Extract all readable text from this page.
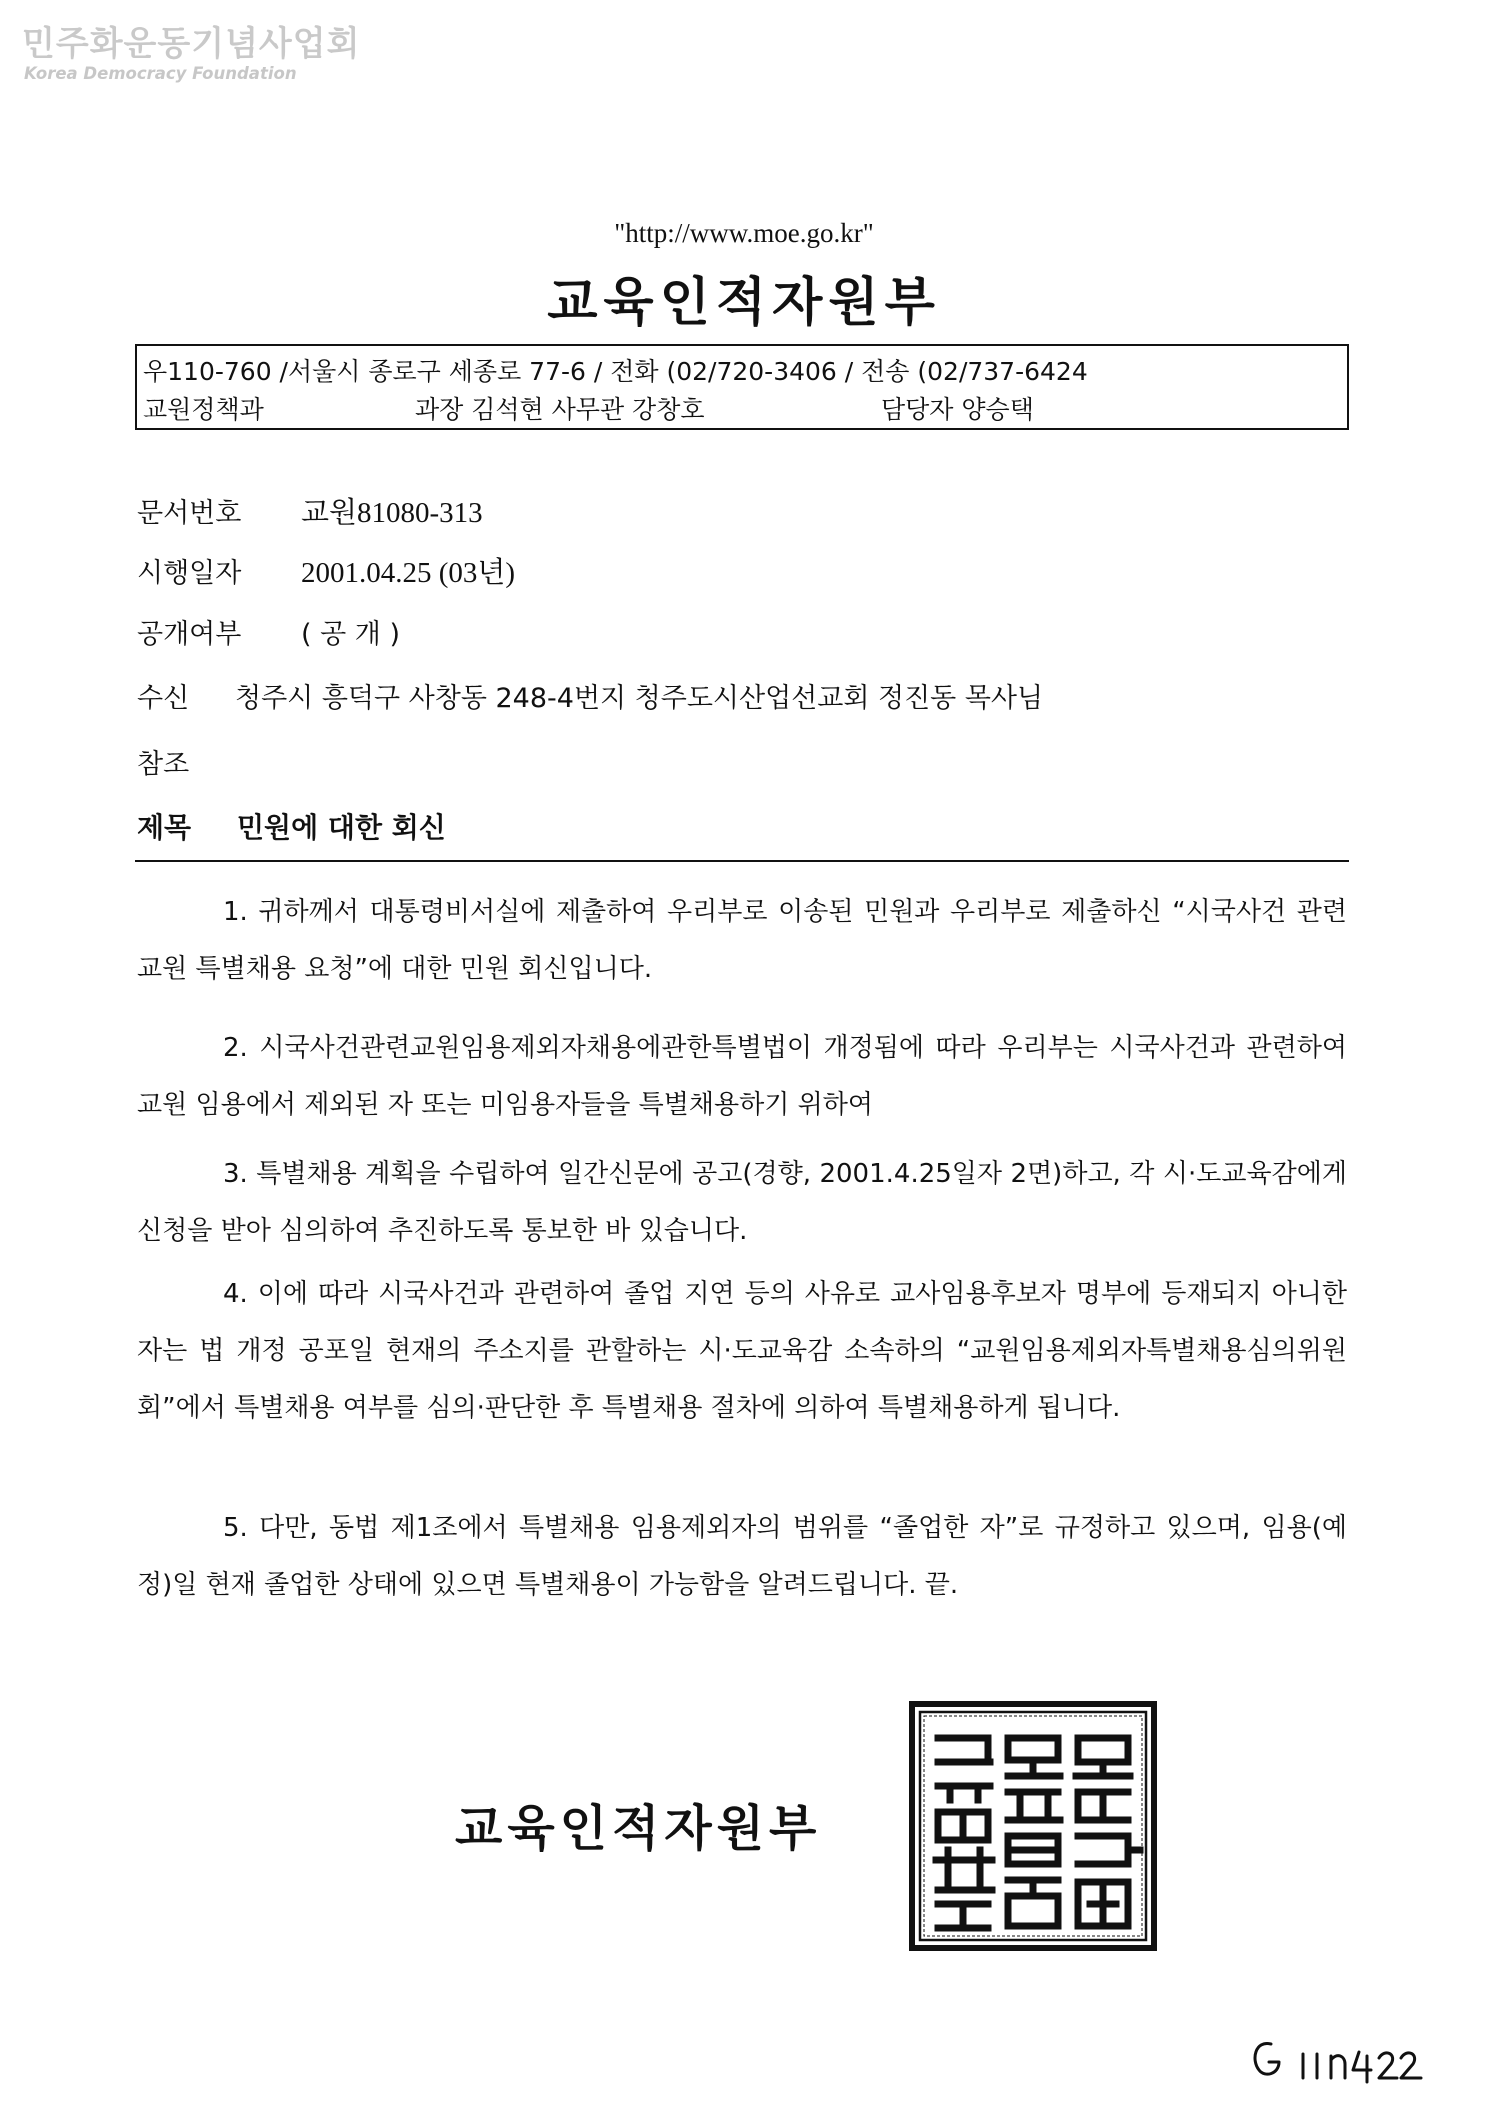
민주화운동기념사업회
Korea Democracy Foundation
"http://www.moe.go.kr"
교육인적자원부
우110-760 /서울시 종로구 세종로 77-6 / 전화 (02/720-3406 / 전송 (02/737-6424
교원정책과	과장 김석현 사무관 강창호	담당자 양승택
문서번호 교원81080-313
시행일자 2001.04.25 (03년)
공개여부 ( 공 개 )
수신 청주시 흥덕구 사창동 248-4번지 청주도시산업선교회 정진동 목사님
참조
제목 민원에 대한 회신
1. 귀하께서 대통령비서실에 제출하여 우리부로 이송된 민원과 우리부로 제출하신 “시국사건 관련 교원 특별채용 요청”에 대한 민원 회신입니다.
2. 시국사건관련교원임용제외자채용에관한특별법이 개정됨에 따라 우리부는 시국사건과 관련하여 교원 임용에서 제외된 자 또는 미임용자들을 특별채용하기 위하여
3. 특별채용 계획을 수립하여 일간신문에 공고(경향, 2001.4.25일자 2면)하고, 각 시·도교육감에게 신청을 받아 심의하여 추진하도록 통보한 바 있습니다.
4. 이에 따라 시국사건과 관련하여 졸업 지연 등의 사유로 교사임용후보자 명부에 등재되지 아니한 자는 법 개정 공포일 현재의 주소지를 관할하는 시·도교육감 소속하의 “교원임용제외자특별채용심의위원회”에서 특별채용 여부를 심의·판단한 후 특별채용 절차에 의하여 특별채용하게 됩니다.
5. 다만, 동법 제1조에서 특별채용 임용제외자의 범위를 “졸업한 자”로 규정하고 있으며, 임용(예정)일 현재 졸업한 상태에 있으면 특별채용이 가능함을 알려드립니다. 끝.
교육인적자원부
